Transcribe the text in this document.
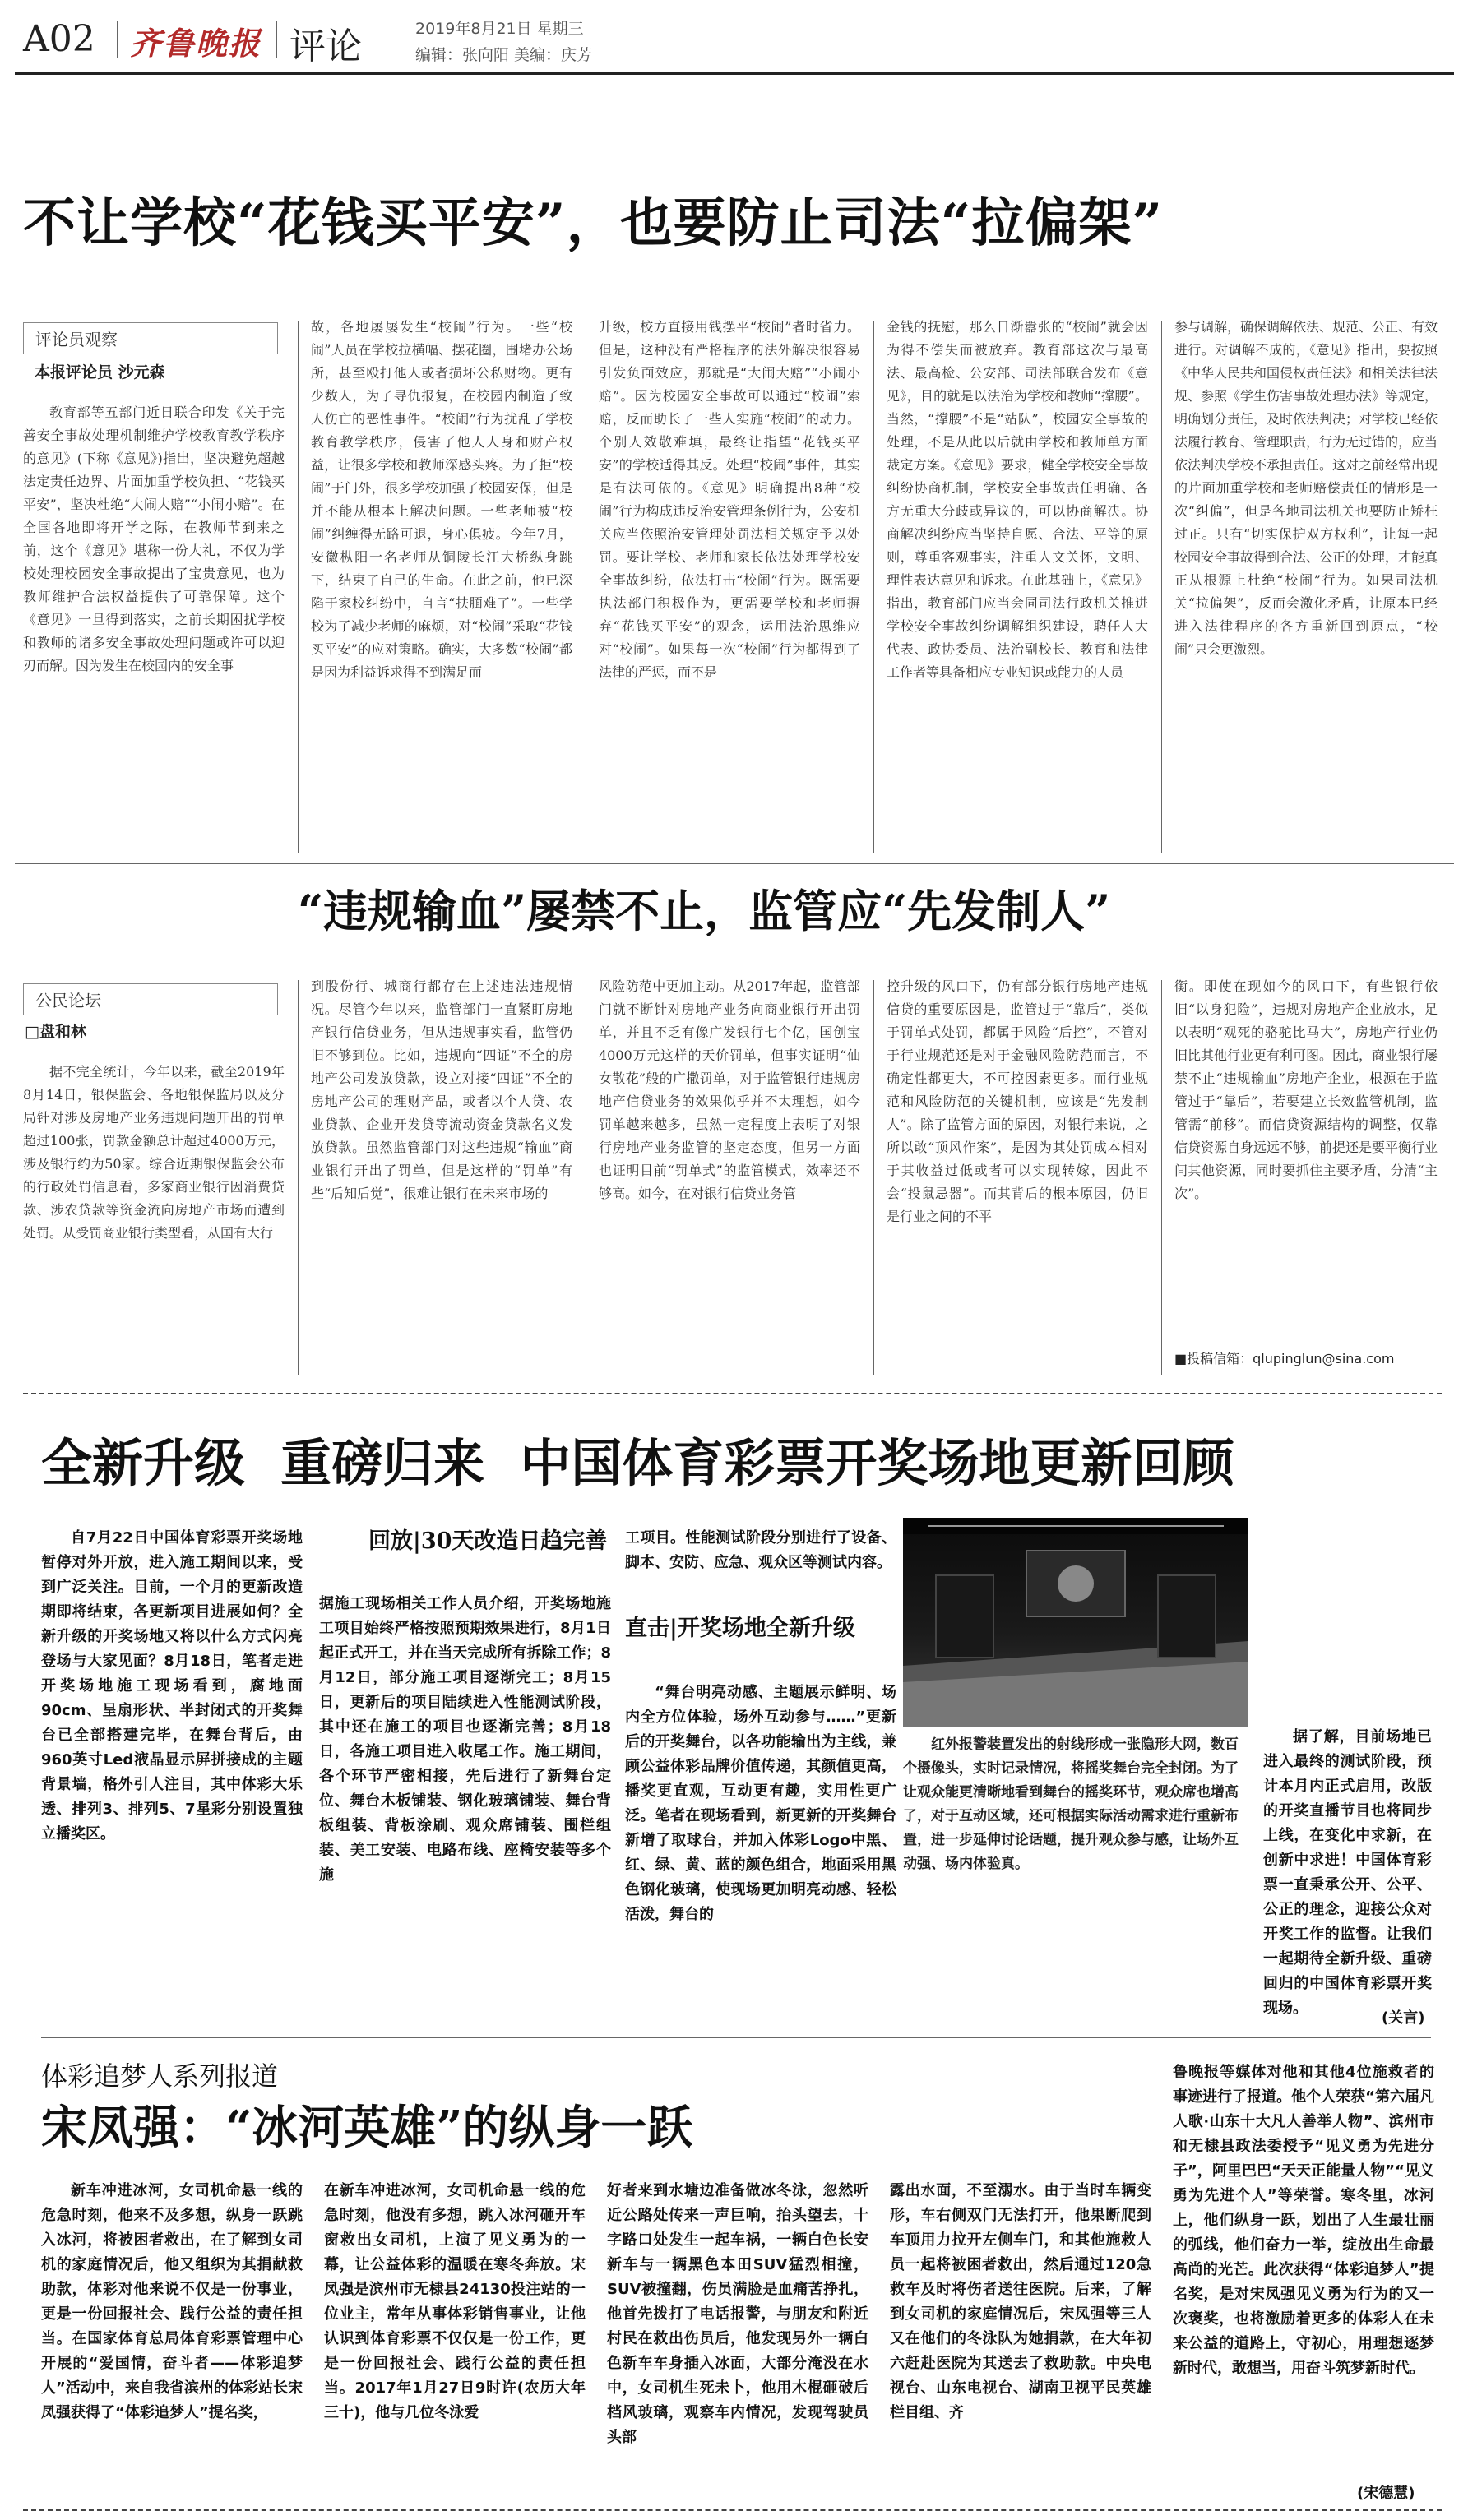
A02 齐鲁晚报 评论	2019年8月21日 星期三
编辑：张向阳 美编：庆芳
不让学校“花钱买平安”，也要防止司法“拉偏架”
评论员观察
本报评论员 沙元森
教育部等五部门近日联合印发《关于完善安全事故处理机制维护学校教育教学秩序的意见》(下称《意见》)指出，坚决避免超越法定责任边界、片面加重学校负担、“花钱买平安”，坚决杜绝“大闹大赔”“小闹小赔”。在全国各地即将开学之际，在教师节到来之前，这个《意见》堪称一份大礼，不仅为学校处理校园安全事故提出了宝贵意见，也为教师维护合法权益提供了可靠保障。这个《意见》一旦得到落实，之前长期困扰学校和教师的诸多安全事故处理问题或许可以迎刃而解。因为发生在校园内的安全事
故，各地屡屡发生“校闹”行为。一些“校闹”人员在学校拉横幅、摆花圈，围堵办公场所，甚至殴打他人或者损坏公私财物。更有少数人，为了寻仇报复，在校园内制造了致人伤亡的恶性事件。“校闹”行为扰乱了学校教育教学秩序，侵害了他人人身和财产权益，让很多学校和教师深感头疼。为了拒“校闹”于门外，很多学校加强了校园安保，但是并不能从根本上解决问题。一些老师被“校闹”纠缠得无路可退，身心俱疲。今年7月，安徽枞阳一名老师从铜陵长江大桥纵身跳下，结束了自己的生命。在此之前，他已深陷于家校纠纷中，自言“扶腼难了”。一些学校为了减少老师的麻烦，对“校闹”采取“花钱买平安”的应对策略。确实，大多数“校闹”都是因为利益诉求得不到满足而
升级，校方直接用钱摆平“校闹”者时省力。但是，这种没有严格程序的法外解决很容易引发负面效应，那就是“大闹大赔”“小闹小赔”。因为校园安全事故可以通过“校闹”索赔，反而助长了一些人实施“校闹”的动力。个别人效敬难填，最终让指望“花钱买平安”的学校适得其反。处理“校闹”事件，其实是有法可依的。《意见》明确提出8种“校闹”行为构成违反治安管理条例行为，公安机关应当依照治安管理处罚法相关规定予以处罚。要让学校、老师和家长依法处理学校安全事故纠纷，依法打击“校闹”行为。既需要执法部门积极作为，更需要学校和老师摒弃“花钱买平安”的观念，运用法治思维应对“校闹”。如果每一次“校闹”行为都得到了法律的严惩，而不是
金钱的抚慰，那么日渐嚣张的“校闹”就会因为得不偿失而被放弃。教育部这次与最高法、最高检、公安部、司法部联合发布《意见》，目的就是以法治为学校和教师“撑腰”。当然，“撑腰”不是“站队”，校园安全事故的处理，不是从此以后就由学校和教师单方面裁定方案。《意见》要求，健全学校安全事故纠纷协商机制，学校安全事故责任明确、各方无重大分歧或异议的，可以协商解决。协商解决纠纷应当坚持自愿、合法、平等的原则，尊重客观事实，注重人文关怀，文明、理性表达意见和诉求。在此基础上，《意见》指出，教育部门应当会同司法行政机关推进学校安全事故纠纷调解组织建设，聘任人大代表、政协委员、法治副校长、教育和法律工作者等具备相应专业知识或能力的人员
参与调解，确保调解依法、规范、公正、有效进行。对调解不成的，《意见》指出，要按照《中华人民共和国侵权责任法》和相关法律法规、参照《学生伤害事故处理办法》等规定，明确划分责任，及时依法判决；对学校已经依法履行教育、管理职责，行为无过错的，应当依法判决学校不承担责任。这对之前经常出现的片面加重学校和老师赔偿责任的情形是一次“纠偏”，但是各地司法机关也要防止矫枉过正。只有“切实保护双方权利”，让每一起校园安全事故得到合法、公正的处理，才能真正从根源上杜绝“校闹”行为。如果司法机关“拉偏架”，反而会激化矛盾，让原本已经进入法律程序的各方重新回到原点，“校闹”只会更激烈。
“违规输血”屡禁不止，监管应“先发制人”
公民论坛
□盘和林
据不完全统计，今年以来，截至2019年8月14日，银保监会、各地银保监局以及分局针对涉及房地产业务违规问题开出的罚单超过100张，罚款金额总计超过4000万元，涉及银行约为50家。综合近期银保监会公布的行政处罚信息看，多家商业银行因消费贷款、涉农贷款等资金流向房地产市场而遭到处罚。从受罚商业银行类型看，从国有大行
到股份行、城商行都存在上述违法违规情况。尽管今年以来，监管部门一直紧盯房地产银行信贷业务，但从违规事实看，监管仍旧不够到位。比如，违规向“四证”不全的房地产公司发放贷款，设立对接“四证”不全的房地产公司的理财产品，或者以个人贷、农业贷款、企业开发贷等流动资金贷款名义发放贷款。虽然监管部门对这些违规“输血”商业银行开出了罚单，但是这样的“罚单”有些“后知后觉”，很难让银行在未来市场的
风险防范中更加主动。从2017年起，监管部门就不断针对房地产业务向商业银行开出罚单，并且不乏有像广发银行七个亿，国创宝4000万元这样的天价罚单，但事实证明“仙女散花”般的广撒罚单，对于监管银行违规房地产信贷业务的效果似乎并不太理想，如今罚单越来越多，虽然一定程度上表明了对银行房地产业务监管的坚定态度，但另一方面也证明目前“罚单式”的监管模式，效率还不够高。如今，在对银行信贷业务管
控升级的风口下，仍有部分银行房地产违规信贷的重要原因是，监管过于“靠后”，类似于罚单式处罚，都属于风险“后控”，不管对于行业规范还是对于金融风险防范而言，不确定性都更大，不可控因素更多。而行业规范和风险防范的关键机制，应该是“先发制人”。除了监管方面的原因，对银行来说，之所以敢“顶风作案”，是因为其处罚成本相对于其收益过低或者可以实现转嫁，因此不会“投鼠忌器”。而其背后的根本原因，仍旧是行业之间的不平
衡。即使在现如今的风口下，有些银行依旧“以身犯险”，违规对房地产企业放水，足以表明“观死的骆驼比马大”，房地产行业仍旧比其他行业更有利可图。因此，商业银行屡禁不止“违规输血”房地产企业，根源在于监管过于“靠后”，若要建立长效监管机制，监管需“前移”。而信贷资源结构的调整，仅靠信贷资源自身远远不够，前提还是要平衡行业间其他资源，同时要抓住主要矛盾，分清“主次”。
■投稿信箱：qlupinglun@sina.com
全新升级  重磅归来  中国体育彩票开奖场地更新回顾
自7月22日中国体育彩票开奖场地暂停对外开放，进入施工期间以来，受到广泛关注。目前，一个月的更新改造期即将结束，各更新项目进展如何？全新升级的开奖场地又将以什么方式闪亮登场与大家见面？8月18日，笔者走进开奖场地施工现场看到，腐地面90cm、呈扇形状、半封闭式的开奖舞台已全部搭建完毕，在舞台背后，由960英寸Led液晶显示屏拼接成的主题背景墙，格外引人注目，其中体彩大乐透、排列3、排列5、7星彩分别设置独立播奖区。
回放|30天改造日趋完善
据施工现场相关工作人员介绍，开奖场地施工项目始终严格按照预期效果进行，8月1日起正式开工，并在当天完成所有拆除工作；8月12日，部分施工项目逐渐完工；8月15日，更新后的项目陆续进入性能测试阶段，其中还在施工的项目也逐渐完善；8月18日，各施工项目进入收尾工作。施工期间，各个环节严密相接，先后进行了新舞台定位、舞台木板铺装、钢化玻璃铺装、舞台背板组装、背板涂刷、观众席铺装、围栏组装、美工安装、电路布线、座椅安装等多个施
工项目。性能测试阶段分别进行了设备、脚本、安防、应急、观众区等测试内容。
直击|开奖场地全新升级
“舞台明亮动感、主题展示鲜明、场内全方位体验，场外互动参与……”更新后的开奖舞台，以各功能输出为主线，兼顾公益体彩品牌价值传递，其颜值更高，播奖更直观，互动更有趣，实用性更广泛。笔者在现场看到，新更新的开奖舞台新增了取球台，并加入体彩Logo中黑、红、绿、黄、蓝的颜色组合，地面采用黑色钢化玻璃，使现场更加明亮动感、轻松活泼，舞台的
红外报警装置发出的射线形成一张隐形大网，数百个摄像头，实时记录情况，将摇奖舞台完全封闭。为了让观众能更清晰地看到舞台的摇奖环节，观众席也增高了，对于互动区域，还可根据实际活动需求进行重新布置，进一步延伸讨论话题，提升观众参与感，让场外互动强、场内体验真。
据了解，目前场地已进入最终的测试阶段，预计本月内正式启用，改版的开奖直播节目也将同步上线，在变化中求新，在创新中求进！中国体育彩票一直秉承公开、公平、公正的理念，迎接公众对开奖工作的监督。让我们一起期待全新升级、重磅回归的中国体育彩票开奖现场。
(关言)
体彩追梦人系列报道
宋凤强：“冰河英雄”的纵身一跃
新车冲进冰河，女司机命悬一线的危急时刻，他来不及多想，纵身一跃跳入冰河，将被困者救出，在了解到女司机的家庭情况后，他又组织为其捐献救助款，体彩对他来说不仅是一份事业，更是一份回报社会、践行公益的责任担当。在国家体育总局体育彩票管理中心开展的“爱国情，奋斗者——体彩追梦人”活动中，来自我省滨州的体彩站长宋凤强获得了“体彩追梦人”提名奖，
在新车冲进冰河，女司机命悬一线的危急时刻，他没有多想，跳入冰河砸开车窗救出女司机，上演了见义勇为的一幕，让公益体彩的温暖在寒冬奔放。宋凤强是滨州市无棣县24130投注站的一位业主，常年从事体彩销售事业，让他认识到体育彩票不仅仅是一份工作，更是一份回报社会、践行公益的责任担当。2017年1月27日9时许(农历大年三十)，他与几位冬泳爱
好者来到水塘边准备做冰冬泳，忽然听近公路处传来一声巨响，抬头望去，十字路口处发生一起车祸，一辆白色长安新车与一辆黑色本田SUV猛烈相撞，SUV被撞翻，伤员满脸是血痛苦挣扎，他首先拨打了电话报警，与朋友和附近村民在救出伤员后，他发现另外一辆白色新车车身插入冰面，大部分淹没在水中，女司机生死未卜，他用木棍砸破后档风玻璃，观察车内情况，发现驾驶员头部
露出水面，不至溺水。由于当时车辆变形，车右侧双门无法打开，他果断爬到车顶用力拉开左侧车门，和其他施救人员一起将被困者救出，然后通过120急救车及时将伤者送往医院。后来，了解到女司机的家庭情况后，宋凤强等三人又在他们的冬泳队为她捐款，在大年初六赶赴医院为其送去了救助款。中央电视台、山东电视台、湖南卫视平民英雄栏目组、齐
鲁晚报等媒体对他和其他4位施救者的事迹进行了报道。他个人荣获“第六届凡人歌·山东十大凡人善举人物”、滨州市和无棣县政法委授予“见义勇为先进分子”，阿里巴巴“天天正能量人物”“见义勇为先进个人”等荣誉。寒冬里，冰河上，他们纵身一跃，划出了人生最壮丽的弧线，他们奋力一举，绽放出生命最高尚的光芒。此次获得“体彩追梦人”提名奖，是对宋凤强见义勇为行为的又一次褒奖，也将激励着更多的体彩人在未来公益的道路上，守初心，用理想逐梦新时代，敢想当，用奋斗筑梦新时代。
(宋德慧)
